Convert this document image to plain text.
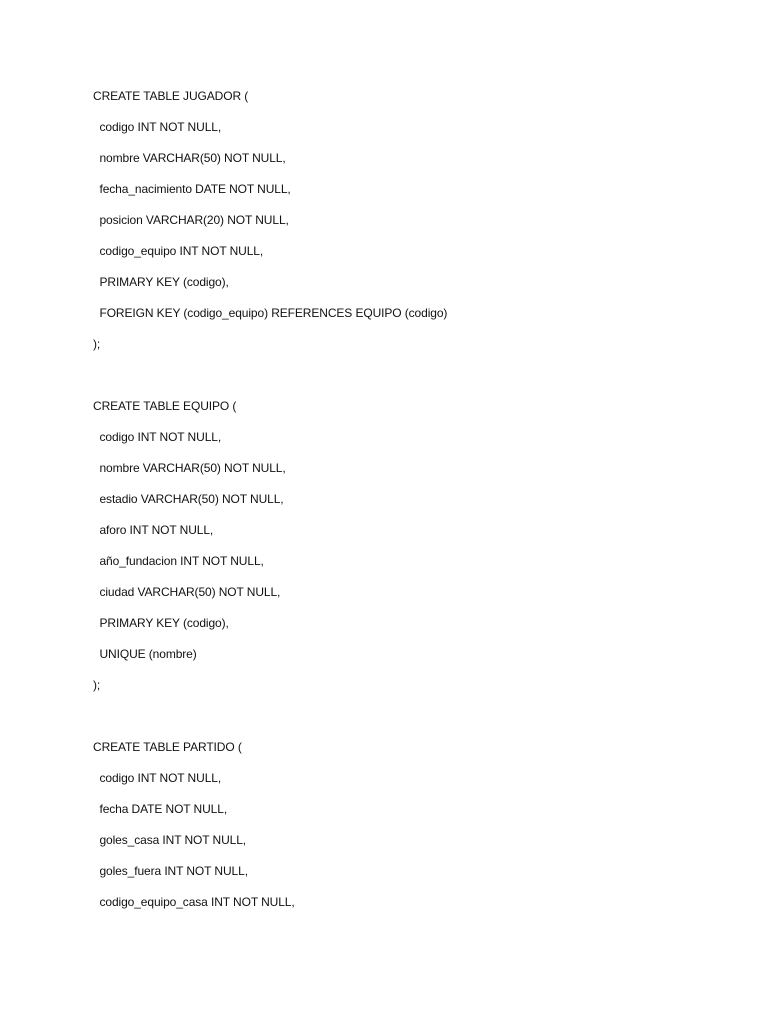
CREATE TABLE JUGADOR (
codigo INT NOT NULL,
nombre VARCHAR(50) NOT NULL,
fecha_nacimiento DATE NOT NULL,
posicion VARCHAR(20) NOT NULL,
codigo_equipo INT NOT NULL,
PRIMARY KEY (codigo),
FOREIGN KEY (codigo_equipo) REFERENCES EQUIPO (codigo)
);
CREATE TABLE EQUIPO (
codigo INT NOT NULL,
nombre VARCHAR(50) NOT NULL,
estadio VARCHAR(50) NOT NULL,
aforo INT NOT NULL,
año_fundacion INT NOT NULL,
ciudad VARCHAR(50) NOT NULL,
PRIMARY KEY (codigo),
UNIQUE (nombre)
);
CREATE TABLE PARTIDO (
codigo INT NOT NULL,
fecha DATE NOT NULL,
goles_casa INT NOT NULL,
goles_fuera INT NOT NULL,
codigo_equipo_casa INT NOT NULL,
